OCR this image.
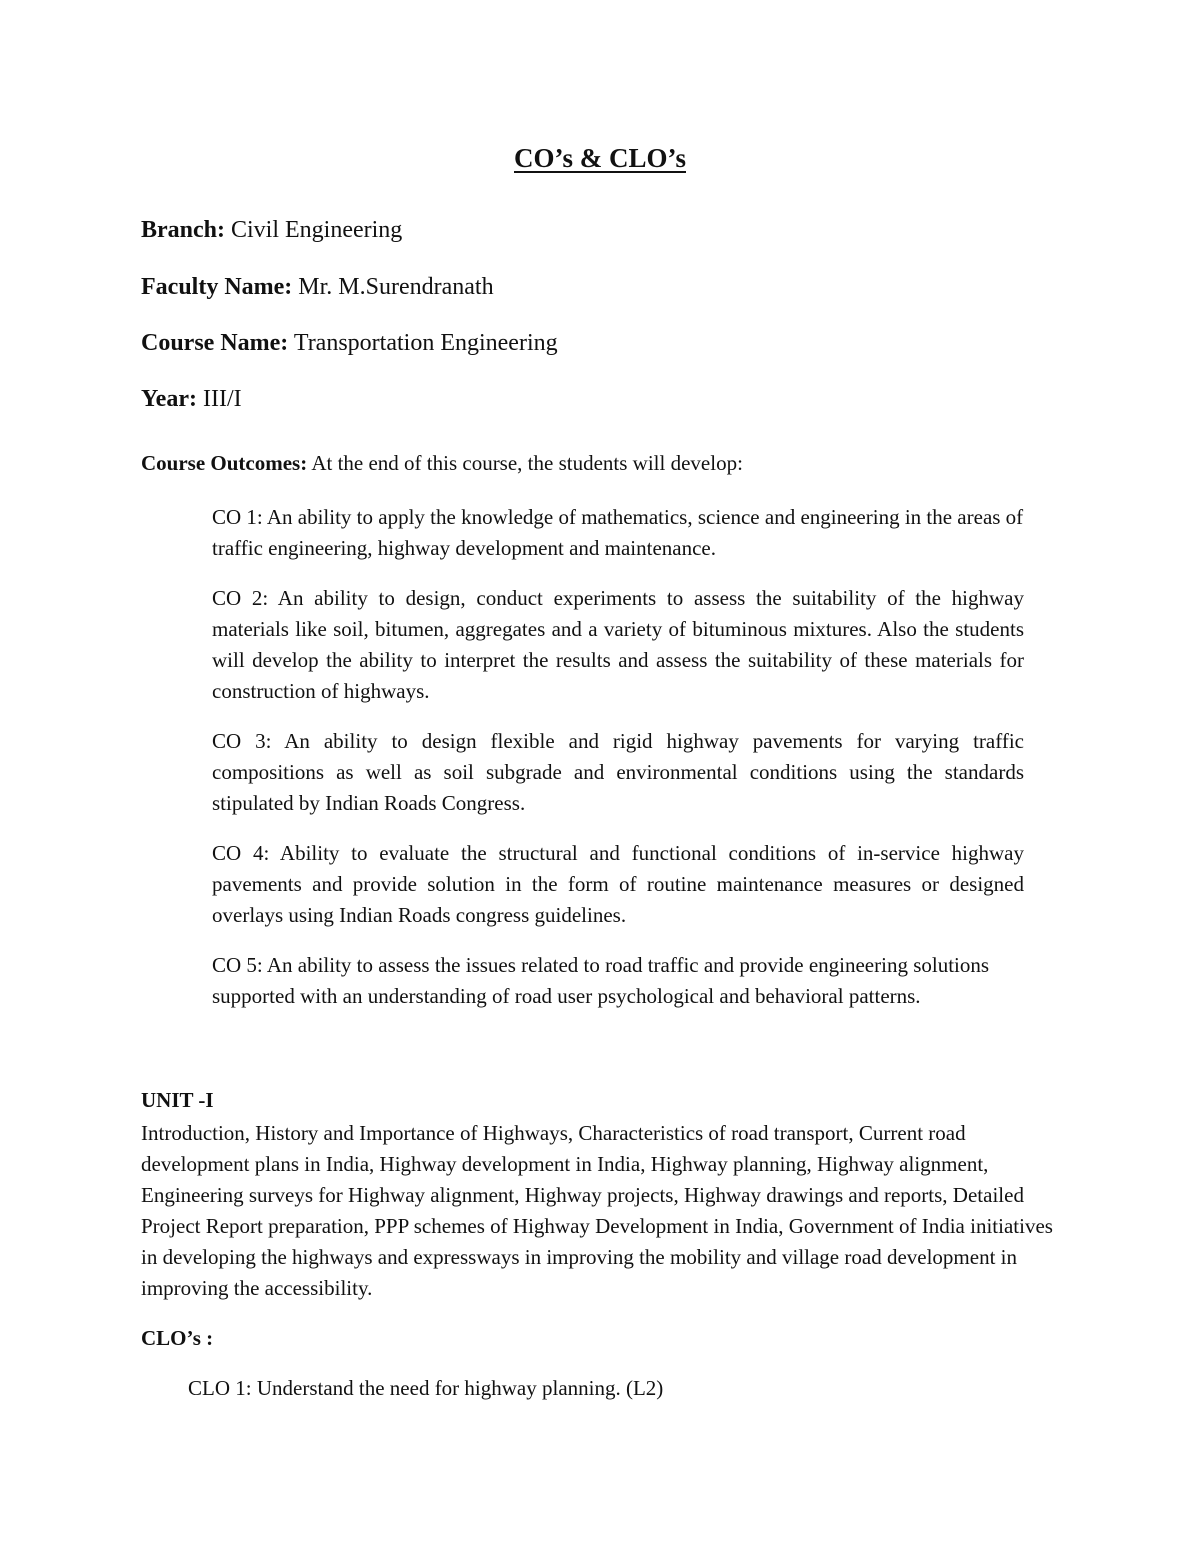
CO’s & CLO’s
Branch: Civil Engineering
Faculty Name: Mr. M.Surendranath
Course Name: Transportation Engineering
Year: III/I
Course Outcomes: At the end of this course, the students will develop:

CO 1: An ability to apply the knowledge of mathematics, science and engineering in the areas of traffic engineering, highway development and maintenance.

CO 2: An ability to design, conduct experiments to assess the suitability of the highway materials like soil, bitumen, aggregates and a variety of bituminous mixtures. Also the students will develop the ability to interpret the results and assess the suitability of these materials for construction of highways.

CO 3: An ability to design flexible and rigid highway pavements for varying traffic compositions as well as soil subgrade and environmental conditions using the standards stipulated by Indian Roads Congress.

CO 4: Ability to evaluate the structural and functional conditions of in-service highway pavements and provide solution in the form of routine maintenance measures or designed overlays using Indian Roads congress guidelines.

CO 5: An ability to assess the issues related to road traffic and provide engineering solutions supported with an understanding of road user psychological and behavioral patterns.

UNIT -I
Introduction, History and Importance of Highways, Characteristics of road transport, Current road development plans in India, Highway development in India, Highway planning, Highway alignment, Engineering surveys for Highway alignment, Highway projects, Highway drawings and reports, Detailed Project Report preparation, PPP schemes of Highway Development in India, Government of India initiatives in developing the highways and expressways in improving the mobility and village road development in improving the accessibility.
CLO’s :
CLO 1: Understand the need for highway planning. (L2)
